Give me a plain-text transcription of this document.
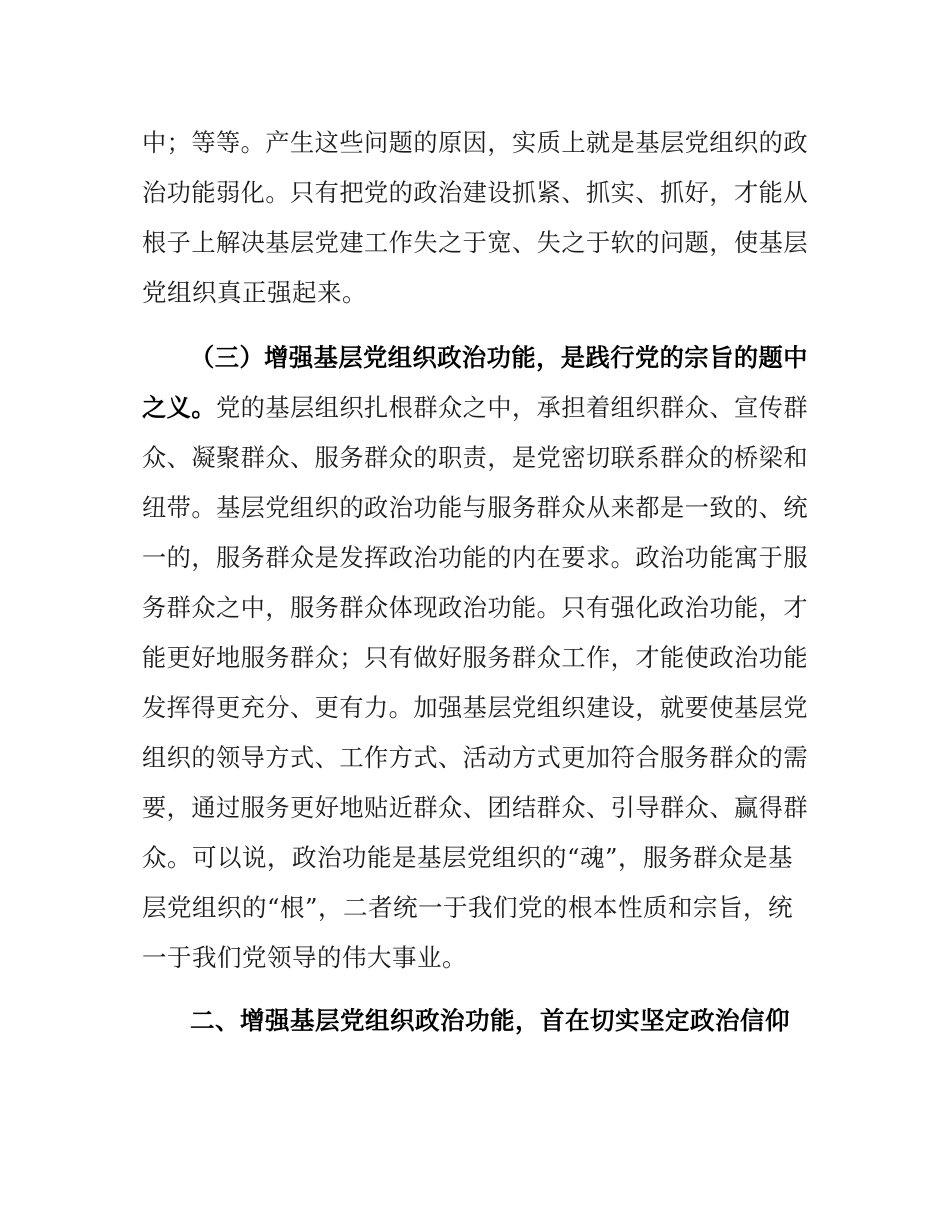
中；等等。产生这些问题的原因，实质上就是基层党组织的政
治功能弱化。只有把党的政治建设抓紧、抓实、抓好，才能从
根子上解决基层党建工作失之于宽、失之于软的问题，使基层
党组织真正强起来。
（三）增强基层党组织政治功能，是践行党的宗旨的题中
之义。党的基层组织扎根群众之中，承担着组织群众、宣传群
众、凝聚群众、服务群众的职责，是党密切联系群众的桥梁和
纽带。基层党组织的政治功能与服务群众从来都是一致的、统
一的，服务群众是发挥政治功能的内在要求。政治功能寓于服
务群众之中，服务群众体现政治功能。只有强化政治功能，才
能更好地服务群众；只有做好服务群众工作，才能使政治功能
发挥得更充分、更有力。加强基层党组织建设，就要使基层党
组织的领导方式、工作方式、活动方式更加符合服务群众的需
要，通过服务更好地贴近群众、团结群众、引导群众、赢得群
众。可以说，政治功能是基层党组织的“魂”，服务群众是基
层党组织的“根”，二者统一于我们党的根本性质和宗旨，统
一于我们党领导的伟大事业。
二、增强基层党组织政治功能，首在切实坚定政治信仰
